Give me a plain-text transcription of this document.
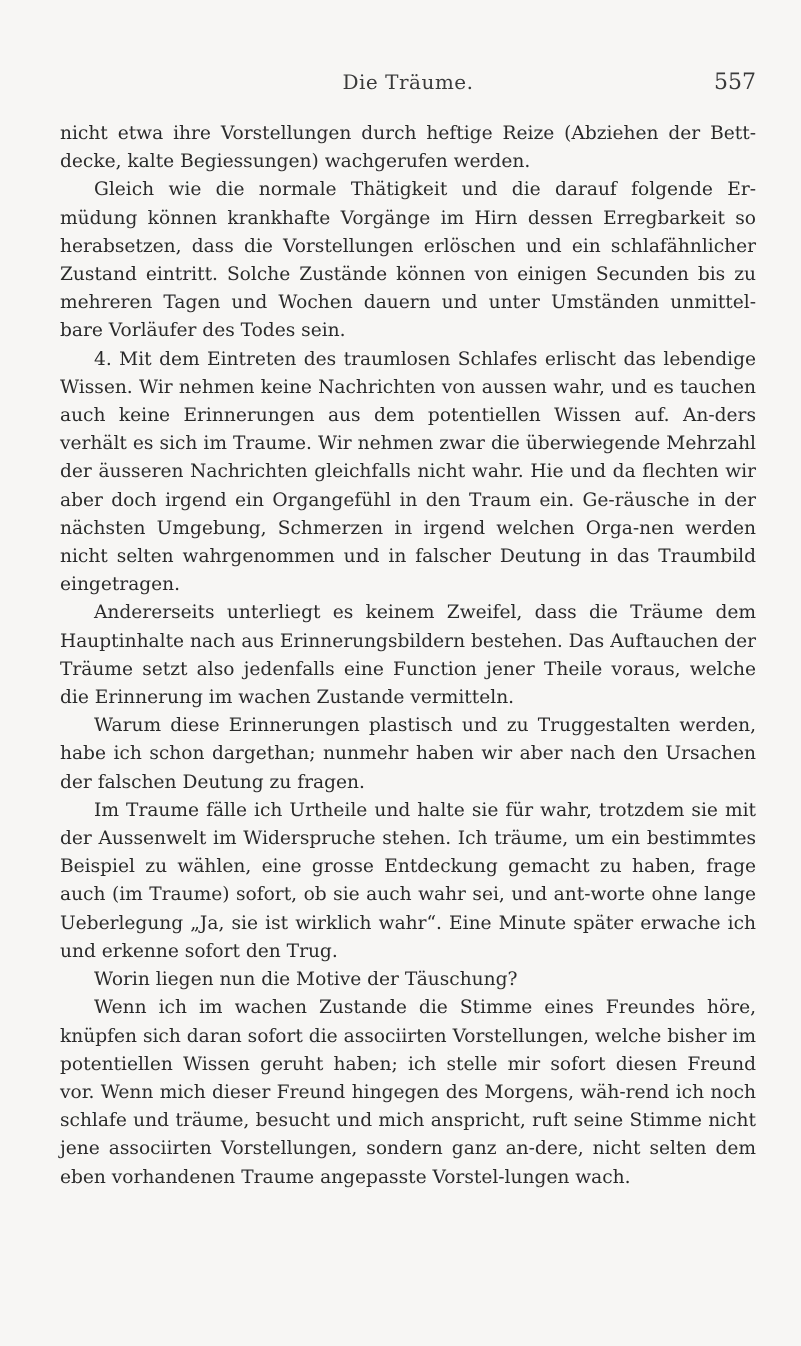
Die Träume.	557

nicht etwa ihre Vorstellungen durch heftige Reize (Abziehen der Bett-decke, kalte Begiessungen) wachgerufen werden.

Gleich wie die normale Thätigkeit und die darauf folgende Er-müdung können krankhafte Vorgänge im Hirn dessen Erregbarkeit so herabsetzen, dass die Vorstellungen erlöschen und ein schlafähnlicher Zustand eintritt. Solche Zustände können von einigen Secunden bis zu mehreren Tagen und Wochen dauern und unter Umständen unmittel-bare Vorläufer des Todes sein.

4. Mit dem Eintreten des traumlosen Schlafes erlischt das lebendige Wissen. Wir nehmen keine Nachrichten von aussen wahr, und es tauchen auch keine Erinnerungen aus dem potentiellen Wissen auf. An-ders verhält es sich im Traume. Wir nehmen zwar die überwiegende Mehrzahl der äusseren Nachrichten gleichfalls nicht wahr. Hie und da flechten wir aber doch irgend ein Organgefühl in den Traum ein. Ge-räusche in der nächsten Umgebung, Schmerzen in irgend welchen Orga-nen werden nicht selten wahrgenommen und in falscher Deutung in das Traumbild eingetragen.

Andererseits unterliegt es keinem Zweifel, dass die Träume dem Hauptinhalte nach aus Erinnerungsbildern bestehen. Das Auftauchen der Träume setzt also jedenfalls eine Function jener Theile voraus, welche die Erinnerung im wachen Zustande vermitteln.

Warum diese Erinnerungen plastisch und zu Truggestalten werden, habe ich schon dargethan; nunmehr haben wir aber nach den Ursachen der falschen Deutung zu fragen.

Im Traume fälle ich Urtheile und halte sie für wahr, trotzdem sie mit der Aussenwelt im Widerspruche stehen. Ich träume, um ein bestimmtes Beispiel zu wählen, eine grosse Entdeckung gemacht zu haben, frage auch (im Traume) sofort, ob sie auch wahr sei, und ant-worte ohne lange Ueberlegung „Ja, sie ist wirklich wahr“. Eine Minute später erwache ich und erkenne sofort den Trug.

Worin liegen nun die Motive der Täuschung?

Wenn ich im wachen Zustande die Stimme eines Freundes höre, knüpfen sich daran sofort die associirten Vorstellungen, welche bisher im potentiellen Wissen geruht haben; ich stelle mir sofort diesen Freund vor. Wenn mich dieser Freund hingegen des Morgens, wäh-rend ich noch schlafe und träume, besucht und mich anspricht, ruft seine Stimme nicht jene associirten Vorstellungen, sondern ganz an-dere, nicht selten dem eben vorhandenen Traume angepasste Vorstel-lungen wach.
